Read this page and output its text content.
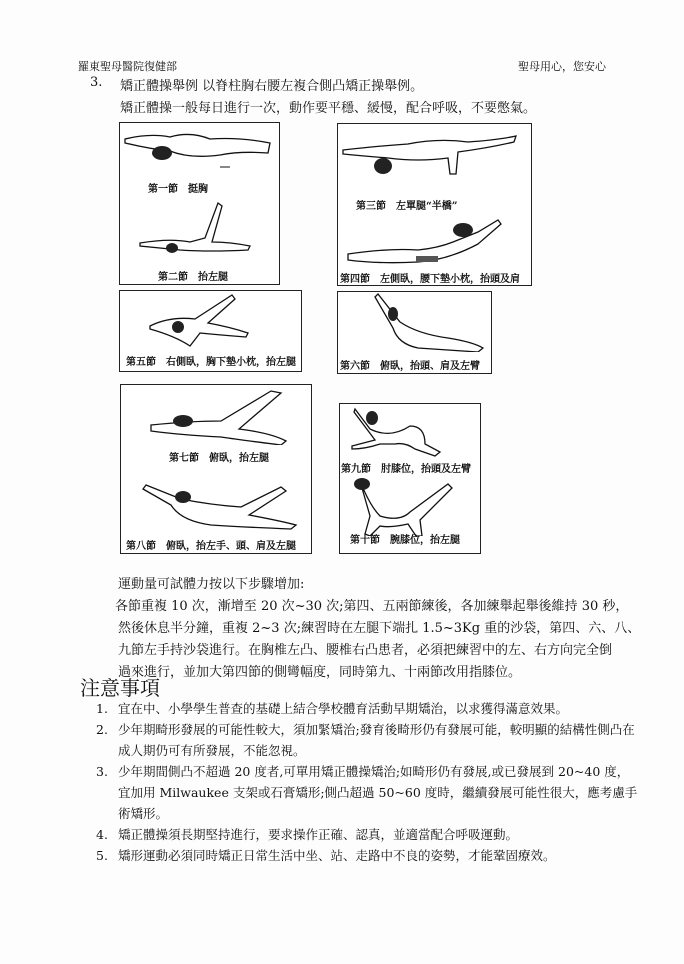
羅東聖母醫院復健部	聖母用心，您安心
3. 矯正體操舉例 以脊柱胸右腰左複合側凸矯正操舉例。
矯正體操一般每日進行一次，動作要平穩、緩慢，配合呼吸，不要憋氣。
第一節　挺胸
第二節　抬左腿
第三節　左單腿“半橋”
第四節　左側臥，腰下墊小枕，抬頭及肩
第五節　右側臥，胸下墊小枕，抬左腿	第六節　俯臥，抬頭、肩及左臂
第七節　俯臥，抬左腿
第八節　俯臥，抬左手、頭、肩及左腿
第九節　肘膝位，抬頭及左臂
第十節　腕膝位，抬左腿

運動量可試體力按以下步驟增加:

　各節重複 10 次，漸增至 20 次~30 次;第四、五兩節練後，各加練舉起舉後維持 30 秒，

然後休息半分鐘，重複 2~3 次;練習時在左腿下端扎 1.5~3Kg 重的沙袋，第四、六、八、

九節左手持沙袋進行。在胸椎左凸、腰椎右凸患者，必須把練習中的左、右方向完全倒

過來進行，並加大第四節的側彎幅度，同時第九、十兩節改用指膝位。

注意事項
1. 宜在中、小學學生普查的基礎上結合學校體育活動早期矯治，以求獲得滿意效果。
2. 少年期畸形發展的可能性較大，須加緊矯治;發育後畸形仍有發展可能，較明顯的結構性側凸在成人期仍可有所發展，不能忽視。
3. 少年期間側凸不超過 20 度者,可單用矯正體操矯治;如畸形仍有發展,或已發展到 20~40 度，宜加用 Milwaukee 支架或石膏矯形;側凸超過 50~60 度時，繼續發展可能性很大，應考慮手術矯形。
4. 矯正體操須長期堅持進行，要求操作正確、認真，並適當配合呼吸運動。
5. 矯形運動必須同時矯正日常生活中坐、站、走路中不良的姿勢，才能鞏固療效。
